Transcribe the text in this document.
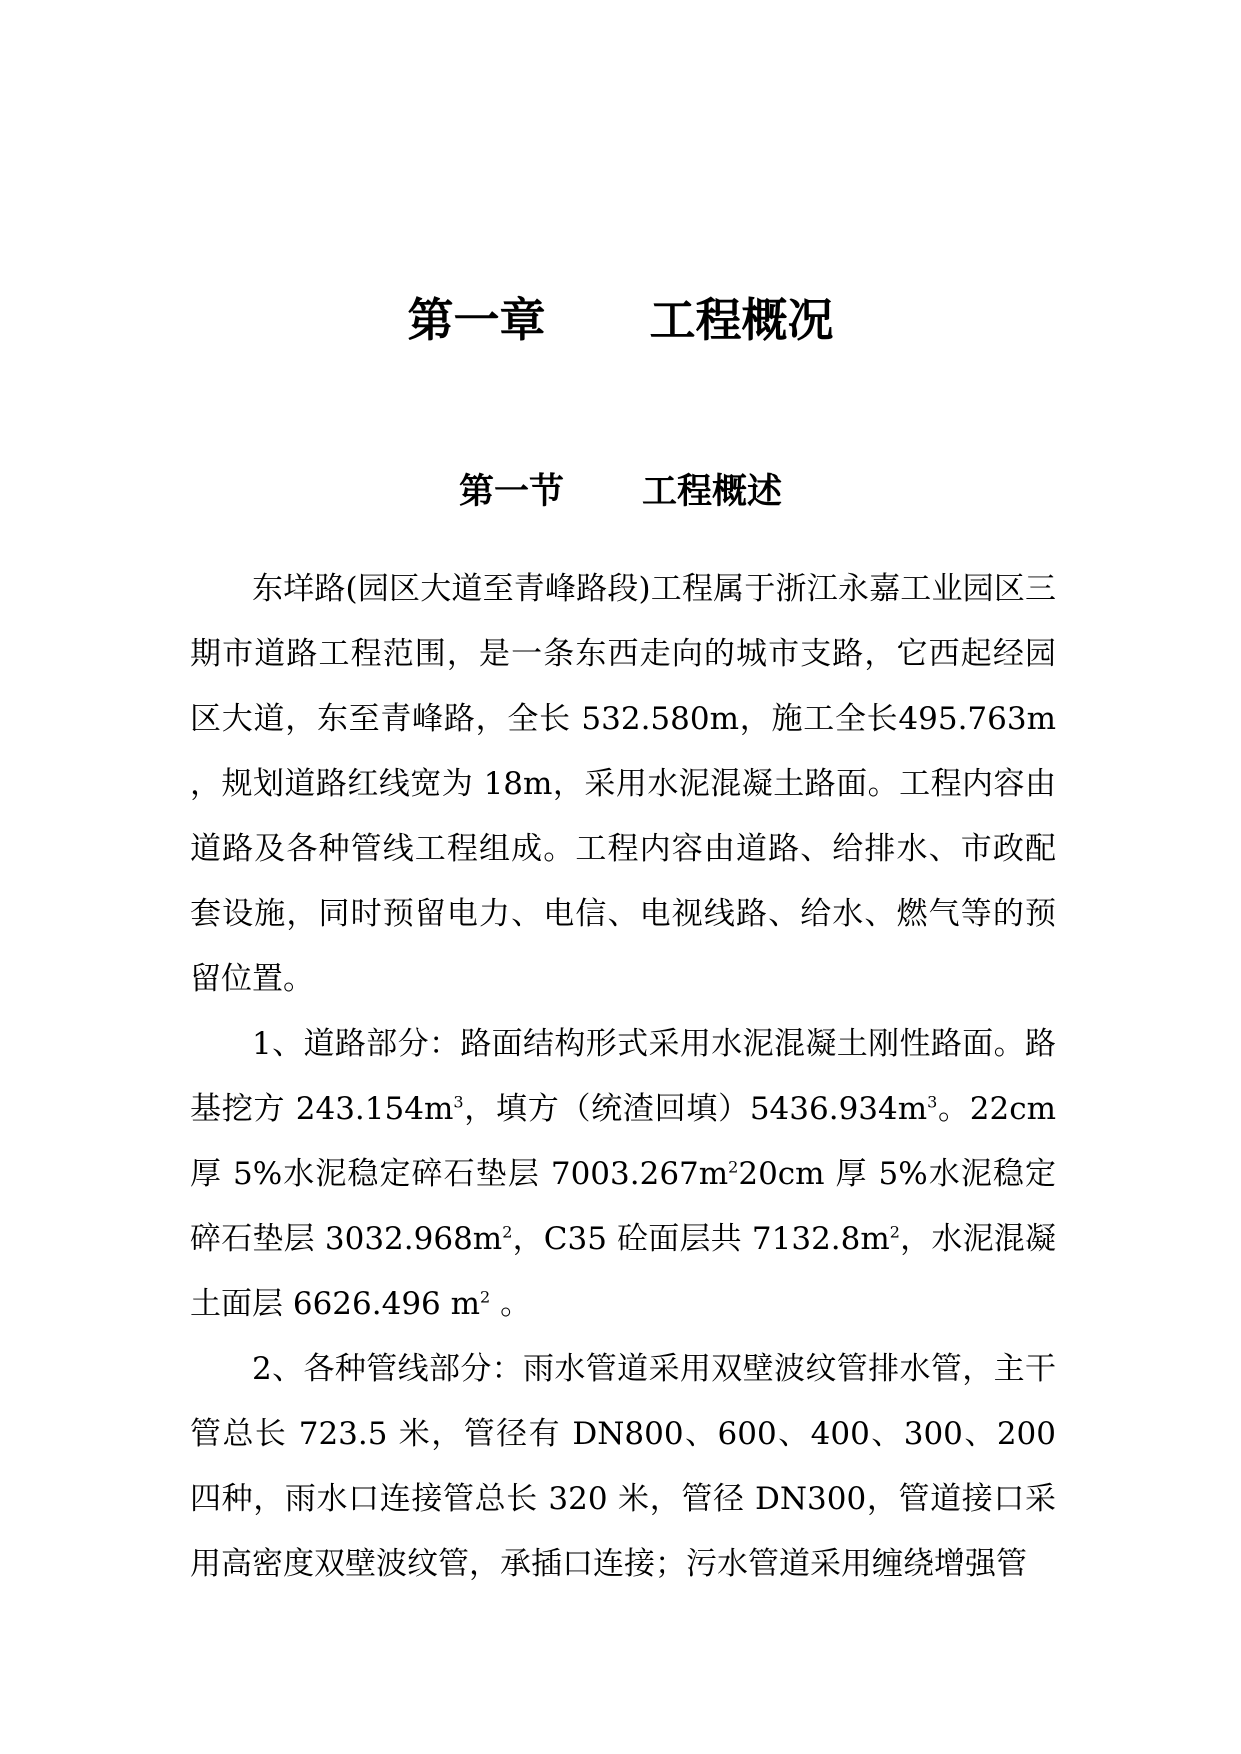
第一章 工程概况
第一节 工程概述

东垟路(园区大道至青峰路段)工程属于浙江永嘉工业园区三期市道路工程范围，是一条东西走向的城市支路，它西起经园区大道，东至青峰路，全长 532.580m，施工全长495.763m，规划道路红线宽为 18m，采用水泥混凝土路面。工程内容由道路及各种管线工程组成。工程内容由道路、给排水、市政配套设施，同时预留电力、电信、电视线路、给水、燃气等的预留位置。

1、道路部分：路面结构形式采用水泥混凝土刚性路面。路基挖方 $243.154m^3$，填方（统渣回填）$5436.934m^3$。22cm厚 5%水泥稳定碎石垫层 $7003.267m^220cm$ 厚 5%水泥稳定碎石垫层 $3032.968m^2$，C35 砼面层共 $7132.8m^2$，水泥混凝土面层 6626.496 $m^2$ 。

2、各种管线部分：雨水管道采用双壁波纹管排水管，主干管总长 723.5 米，管径有 DN800、600、400、300、200 四种，雨水口连接管总长 320 米，管径 DN300，管道接口采用高密度双壁波纹管，承插口连接；污水管道采用缠绕增强管
